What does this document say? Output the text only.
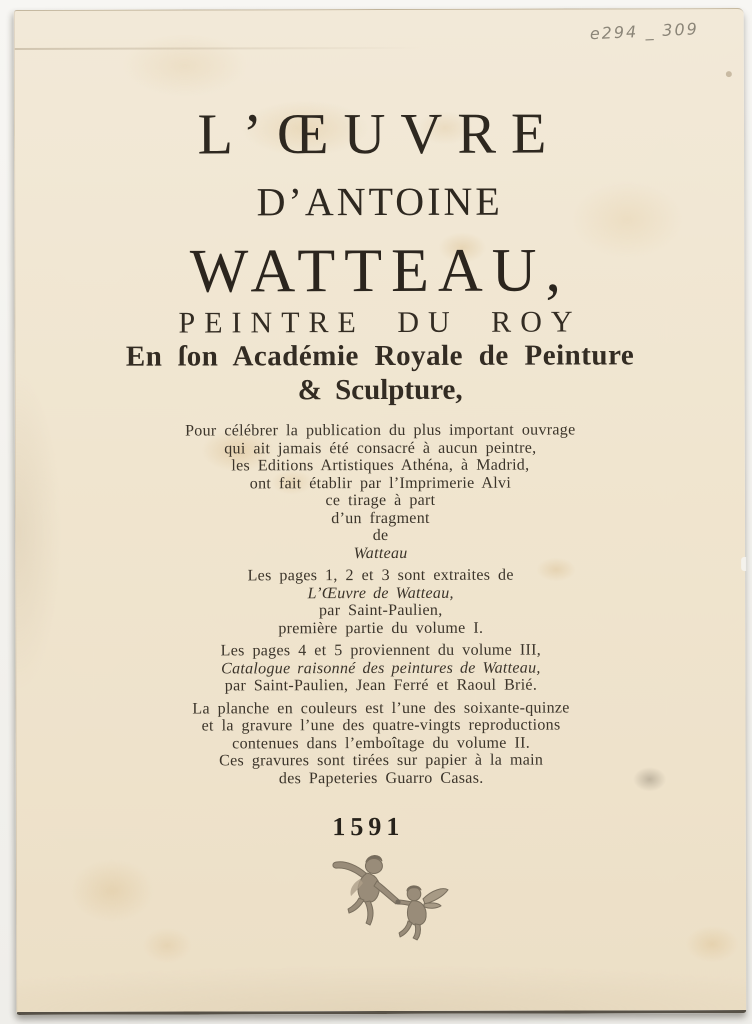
e294 _ 309
L’ŒUVRE
D’ANTOINE
WATTEAU,
PEINTRE DU ROY
En ſon Académie Royale de Peinture
& Sculpture,
Pour célébrer la publication du plus important ouvrage
qui ait jamais été consacré à aucun peintre,
les Editions Artistiques Athéna, à Madrid,
ont fait établir par l’Imprimerie Alvi
ce tirage à part
d’un fragment
de
Watteau
Les pages 1, 2 et 3 sont extraites de
L’Œuvre de Watteau,
par Saint-Paulien,
première partie du volume I.
Les pages 4 et 5 proviennent du volume III,
Catalogue raisonné des peintures de Watteau,
par Saint-Paulien, Jean Ferré et Raoul Brié.
La planche en couleurs est l’une des soixante-quinze
et la gravure l’une des quatre-vingts reproductions
contenues dans l’emboîtage du volume II.
Ces gravures sont tirées sur papier à la main
des Papeteries Guarro Casas.
1591
